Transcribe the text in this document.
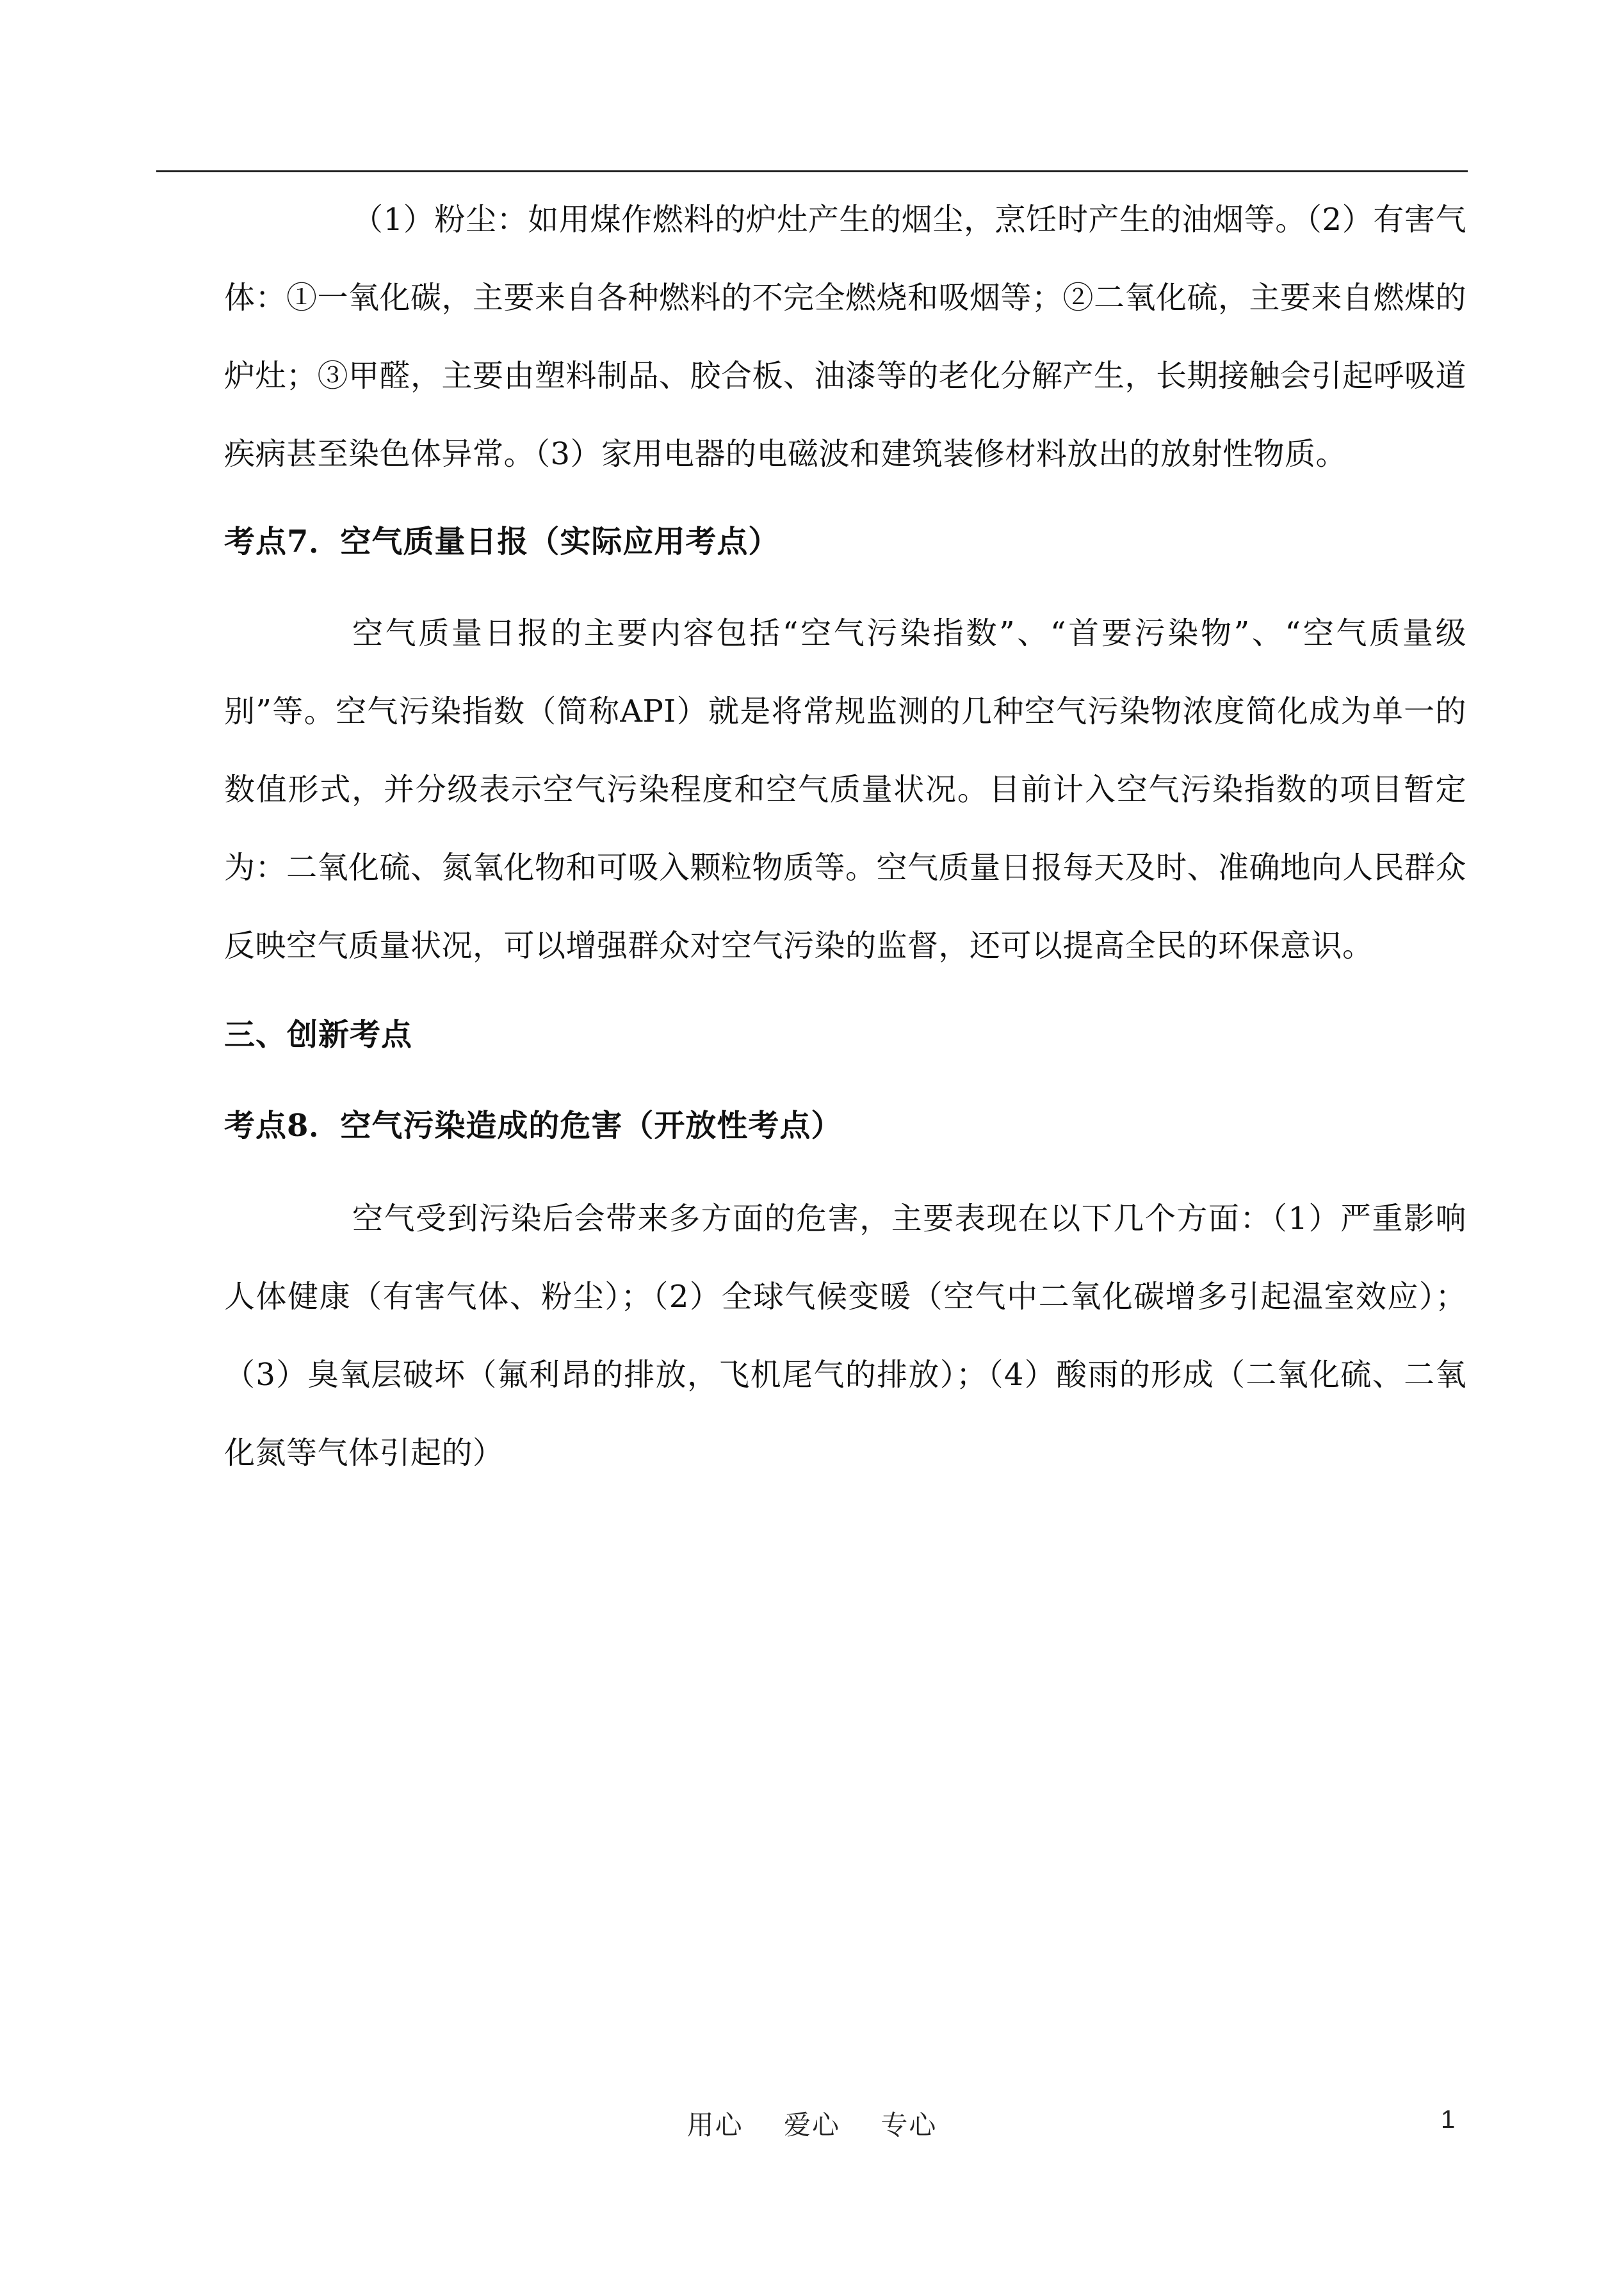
（1）粉尘：如用煤作燃料的炉灶产生的烟尘，烹饪时产生的油烟等。（2）有害气体：①一氧化碳，主要来自各种燃料的不完全燃烧和吸烟等；②二氧化硫，主要来自燃煤的炉灶；③甲醛，主要由塑料制品、胶合板、油漆等的老化分解产生，长期接触会引起呼吸道疾病甚至染色体异常。（3）家用电器的电磁波和建筑装修材料放出的放射性物质。

考点7．空气质量日报（实际应用考点）

空气质量日报的主要内容包括“空气污染指数”、“首要污染物”、“空气质量级别”等。空气污染指数（简称API）就是将常规监测的几种空气污染物浓度简化成为单一的数值形式，并分级表示空气污染程度和空气质量状况。目前计入空气污染指数的项目暂定为：二氧化硫、氮氧化物和可吸入颗粒物质等。空气质量日报每天及时、准确地向人民群众反映空气质量状况，可以增强群众对空气污染的监督，还可以提高全民的环保意识。

三、创新考点
考点8．空气污染造成的危害（开放性考点）

空气受到污染后会带来多方面的危害，主要表现在以下几个方面：（1）严重影响人体健康（有害气体、粉尘）；（2）全球气候变暖（空气中二氧化碳增多引起温室效应）；（3）臭氧层破坏（氟利昂的排放，飞机尾气的排放）；（4）酸雨的形成（二氧化硫、二氧化氮等气体引起的）

用心 爱心 专心	1
